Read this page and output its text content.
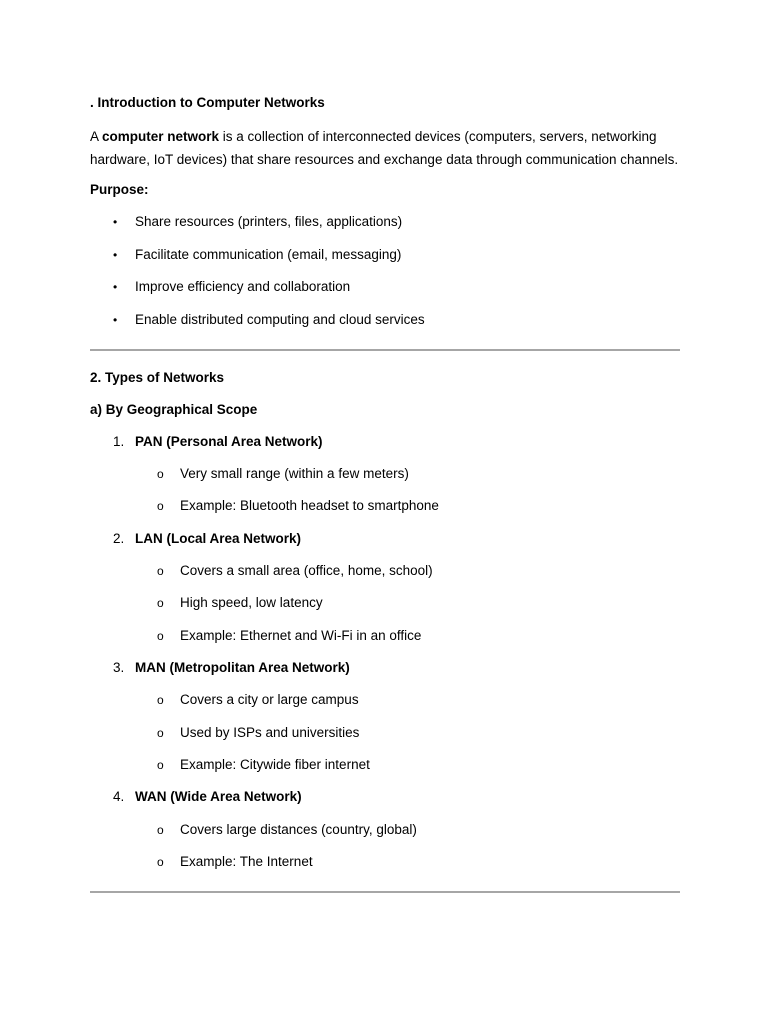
. Introduction to Computer Networks

A computer network is a collection of interconnected devices (computers, servers, networking hardware, IoT devices) that share resources and exchange data through communication channels.

Purpose:
• Share resources (printers, files, applications)
• Facilitate communication (email, messaging)
• Improve efficiency and collaboration
• Enable distributed computing and cloud services
2. Types of Networks
a) By Geographical Scope
1. PAN (Personal Area Network)
o Very small range (within a few meters)
o Example: Bluetooth headset to smartphone
2. LAN (Local Area Network)
o Covers a small area (office, home, school)
o High speed, low latency
o Example: Ethernet and Wi-Fi in an office
3. MAN (Metropolitan Area Network)
o Covers a city or large campus
o Used by ISPs and universities
o Example: Citywide fiber internet
4. WAN (Wide Area Network)
o Covers large distances (country, global)
o Example: The Internet
